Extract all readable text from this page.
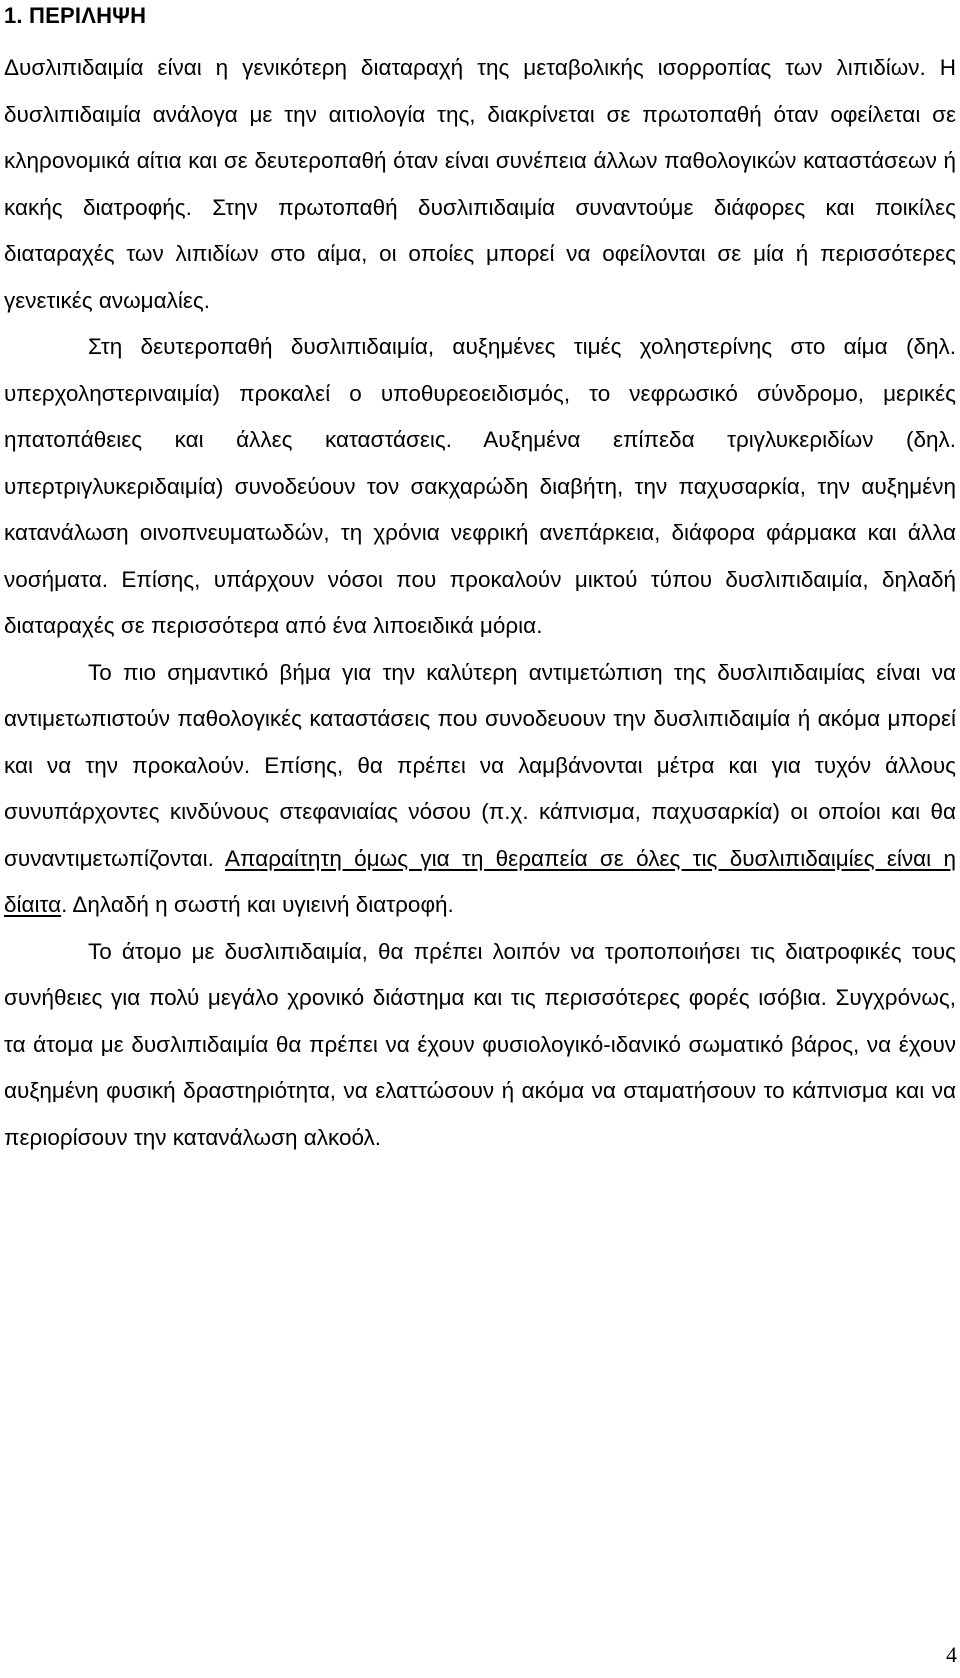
1. ΠΕΡΙΛΗΨΗ

Δυσλιπιδαιμία είναι η γενικότερη διαταραχή της μεταβολικής ισορροπίας των λιπιδίων. Η δυσλιπιδαιμία ανάλογα με την αιτιολογία της, διακρίνεται σε πρωτοπαθή όταν οφείλεται σε κληρονομικά αίτια και σε δευτεροπαθή όταν είναι συνέπεια άλλων παθολογικών καταστάσεων ή κακής διατροφής. Στην πρωτοπαθή δυσλιπιδαιμία συναντούμε διάφορες και ποικίλες διαταραχές των λιπιδίων στο αίμα, οι οποίες μπορεί να οφείλονται σε μία ή περισσότερες γενετικές ανωμαλίες.

Στη δευτεροπαθή δυσλιπιδαιμία, αυξημένες τιμές χοληστερίνης στο αίμα (δηλ. υπερχοληστεριναιμία) προκαλεί ο υποθυρεοειδισμός, το νεφρωσικό σύνδρομο, μερικές ηπατοπάθειες και άλλες καταστάσεις. Αυξημένα επίπεδα τριγλυκεριδίων (δηλ. υπερτριγλυκεριδαιμία) συνοδεύουν τον σακχαρώδη διαβήτη, την παχυσαρκία, την αυξημένη κατανάλωση οινοπνευματωδών, τη χρόνια νεφρική ανεπάρκεια, διάφορα φάρμακα και άλλα νοσήματα. Επίσης, υπάρχουν νόσοι που προκαλούν μικτού τύπου δυσλιπιδαιμία, δηλαδή διαταραχές σε περισσότερα από ένα λιποειδικά μόρια.

Το πιο σημαντικό βήμα για την καλύτερη αντιμετώπιση της δυσλιπιδαιμίας είναι να αντιμετωπιστούν παθολογικές καταστάσεις που συνοδευουν την δυσλιπιδαιμία ή ακόμα μπορεί και να την προκαλούν. Επίσης, θα πρέπει να λαμβάνονται μέτρα και για τυχόν άλλους συνυπάρχοντες κινδύνους στεφανιαίας νόσου (π.χ. κάπνισμα, παχυσαρκία) οι οποίοι και θα συναντιμετωπίζονται. Απαραίτητη όμως για τη θεραπεία σε όλες τις δυσλιπιδαιμίες είναι η δίαιτα. Δηλαδή η σωστή και υγιεινή διατροφή.

Το άτομο με δυσλιπιδαιμία, θα πρέπει λοιπόν να τροποποιήσει τις διατροφικές τους συνήθειες για πολύ μεγάλο χρονικό διάστημα και τις περισσότερες φορές ισόβια. Συγχρόνως, τα άτομα με δυσλιπιδαιμία θα πρέπει να έχουν φυσιολογικό-ιδανικό σωματικό βάρος, να έχουν αυξημένη φυσική δραστηριότητα, να ελαττώσουν ή ακόμα να σταματήσουν το κάπνισμα και να περιορίσουν την κατανάλωση αλκοόλ.

4
